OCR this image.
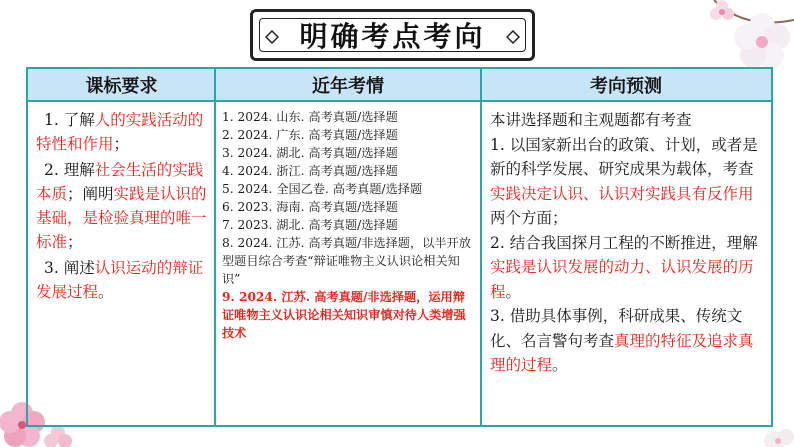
明确考点考向
课标要求	近年考情	考向预测

1. 了解人的实践活动的特性和作用；

2. 理解社会生活的实践本质；阐明实践是认识的基础，是检验真理的唯一标准；

3. 阐述认识运动的辩证发展过程。

1. 2024. 山东. 高考真题/选择题
2. 2024. 广东. 高考真题/选择题
3. 2024. 湖北. 高考真题/选择题
4. 2024. 浙江. 高考真题/选择题
5. 2024. 全国乙卷. 高考真题/选择题
6. 2023. 海南. 高考真题/选择题
7. 2023. 湖北. 高考真题/选择题
8. 2024. 江苏. 高考真题/非选择题，以半开放型题目综合考查“辩证唯物主义认识论相关知识”
9. 2024. 江苏. 高考真题/非选择题，运用辩证唯物主义认识论相关知识审慎对待人类增强技术

本讲选择题和主观题都有考查

1. 以国家新出台的政策、计划，或者是新的科学发展、研究成果为载体，考查实践决定认识、认识对实践具有反作用两个方面；

2. 结合我国探月工程的不断推进，理解实践是认识发展的动力、认识发展的历程。

3. 借助具体事例，科研成果、传统文化、名言警句考查真理的特征及追求真理的过程。
